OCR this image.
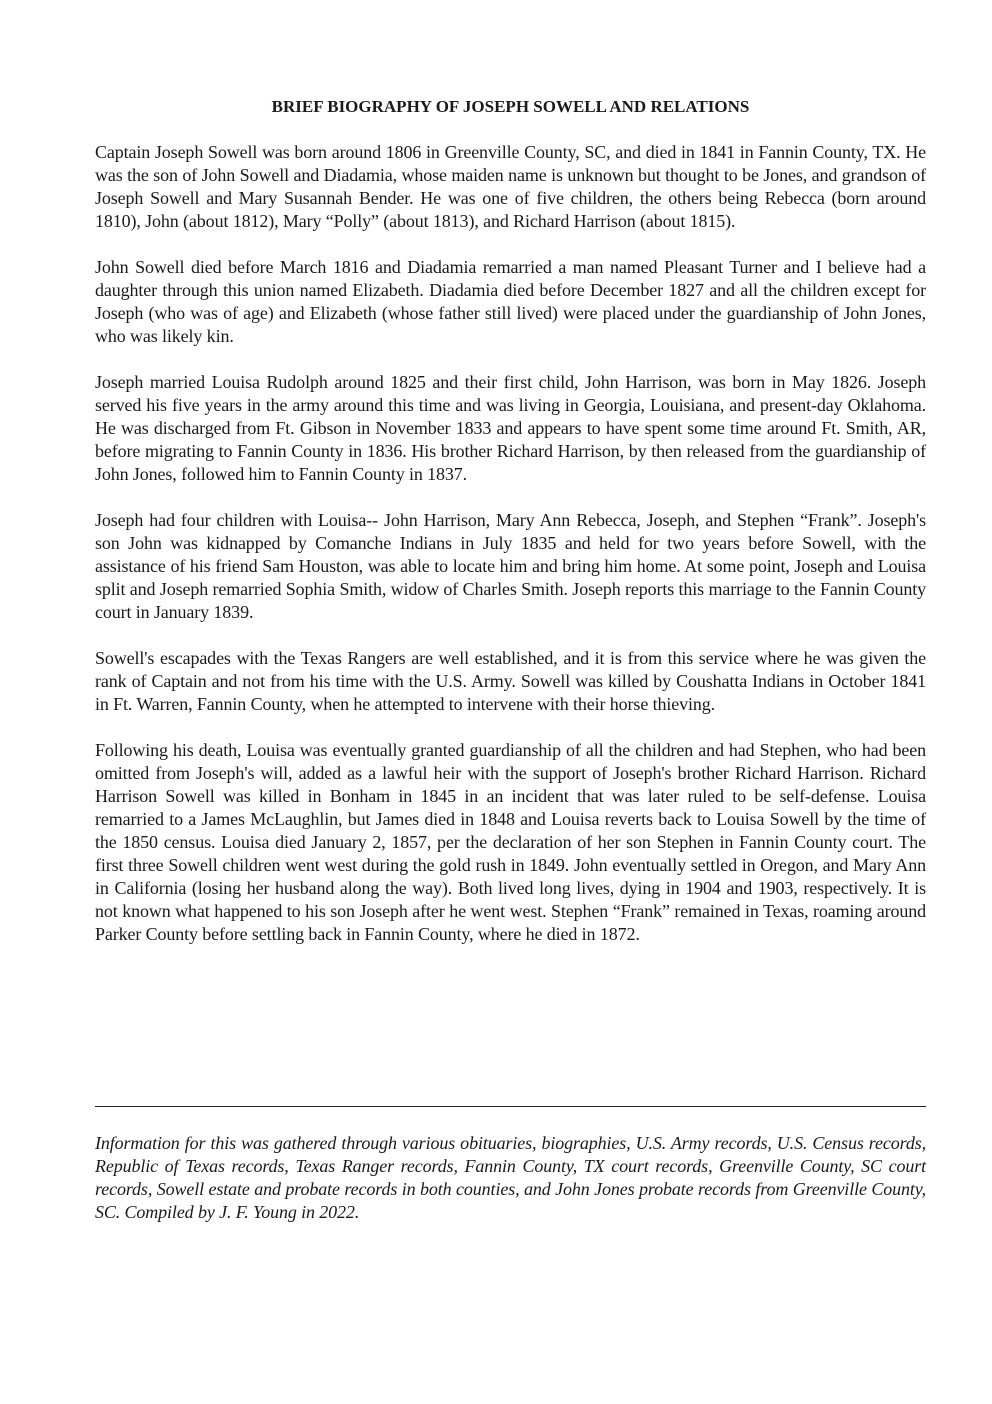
BRIEF BIOGRAPHY OF JOSEPH SOWELL AND RELATIONS

Captain Joseph Sowell was born around 1806 in Greenville County, SC, and died in 1841 in Fannin County, TX. He was the son of John Sowell and Diadamia, whose maiden name is unknown but thought to be Jones, and grandson of Joseph Sowell and Mary Susannah Bender. He was one of five children, the others being Rebecca (born around 1810), John (about 1812), Mary “Polly” (about 1813), and Richard Harrison (about 1815).

John Sowell died before March 1816 and Diadamia remarried a man named Pleasant Turner and I believe had a daughter through this union named Elizabeth. Diadamia died before December 1827 and all the children except for Joseph (who was of age) and Elizabeth (whose father still lived) were placed under the guardianship of John Jones, who was likely kin.

Joseph married Louisa Rudolph around 1825 and their first child, John Harrison, was born in May 1826. Joseph served his five years in the army around this time and was living in Georgia, Louisiana, and present-day Oklahoma. He was discharged from Ft. Gibson in November 1833 and appears to have spent some time around Ft. Smith, AR, before migrating to Fannin County in 1836. His brother Richard Harrison, by then released from the guardianship of John Jones, followed him to Fannin County in 1837.

Joseph had four children with Louisa-- John Harrison, Mary Ann Rebecca, Joseph, and Stephen “Frank”. Joseph's son John was kidnapped by Comanche Indians in July 1835 and held for two years before Sowell, with the assistance of his friend Sam Houston, was able to locate him and bring him home. At some point, Joseph and Louisa split and Joseph remarried Sophia Smith, widow of Charles Smith. Joseph reports this marriage to the Fannin County court in January 1839.

Sowell's escapades with the Texas Rangers are well established, and it is from this service where he was given the rank of Captain and not from his time with the U.S. Army. Sowell was killed by Coushatta Indians in October 1841 in Ft. Warren, Fannin County, when he attempted to intervene with their horse thieving.

Following his death, Louisa was eventually granted guardianship of all the children and had Stephen, who had been omitted from Joseph's will, added as a lawful heir with the support of Joseph's brother Richard Harrison. Richard Harrison Sowell was killed in Bonham in 1845 in an incident that was later ruled to be self-defense. Louisa remarried to a James McLaughlin, but James died in 1848 and Louisa reverts back to Louisa Sowell by the time of the 1850 census. Louisa died January 2, 1857, per the declaration of her son Stephen in Fannin County court. The first three Sowell children went west during the gold rush in 1849. John eventually settled in Oregon, and Mary Ann in California (losing her husband along the way). Both lived long lives, dying in 1904 and 1903, respectively. It is not known what happened to his son Joseph after he went west. Stephen “Frank” remained in Texas, roaming around Parker County before settling back in Fannin County, where he died in 1872.

Information for this was gathered through various obituaries, biographies, U.S. Army records, U.S. Census records, Republic of Texas records, Texas Ranger records, Fannin County, TX court records, Greenville County, SC court records, Sowell estate and probate records in both counties, and John Jones probate records from Greenville County, SC. Compiled by J. F. Young in 2022.
